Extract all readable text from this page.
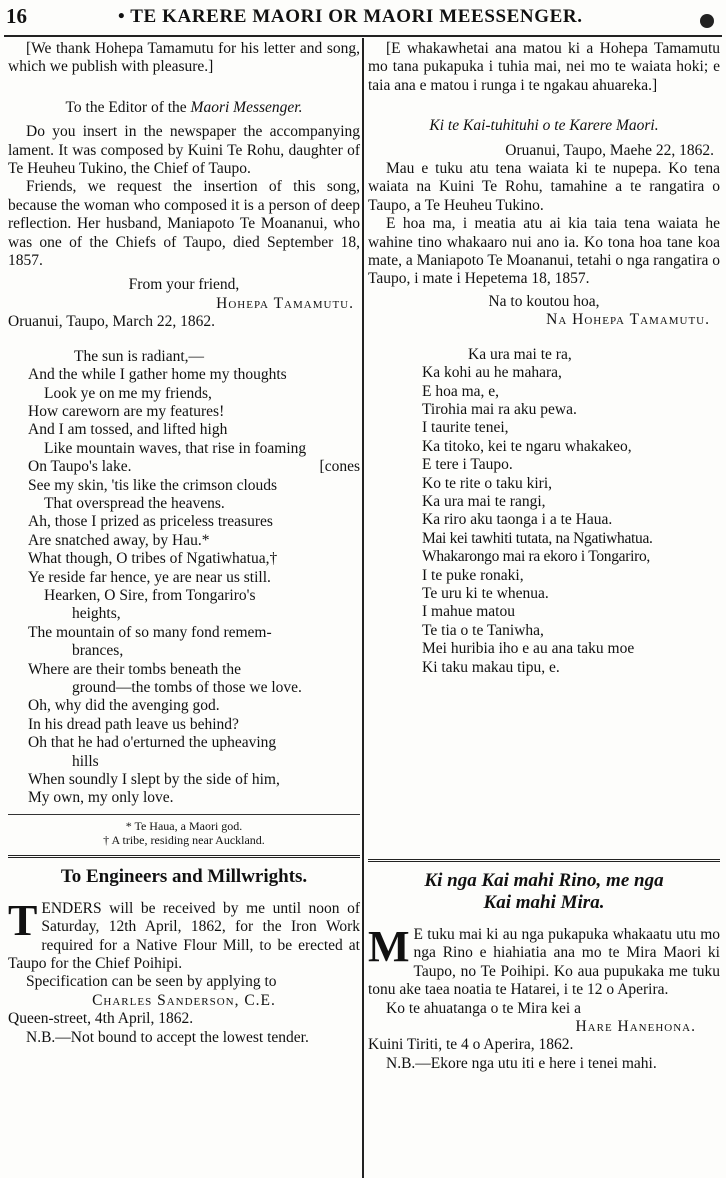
16	• TE KARERE MAORI OR MAORI MEESSENGER.

[We thank Hohepa Tamamutu for his letter and song, which we publish with pleasure.]

To the Editor of the Maori Messenger.

Do you insert in the newspaper the accompanying lament. It was composed by Kuini Te Rohu, daughter of Te Heuheu Tukino, the Chief of Taupo.

Friends, we request the insertion of this song, because the woman who composed it is a person of deep reflection. Her husband, Maniapoto Te Moananui, who was one of the Chiefs of Taupo, died September 18, 1857.

From your friend,

Hohepa Tamamutu.

Oruanui, Taupo, March 22, 1862.

The sun is radiant,—

And the while I gather home my thoughts

Look ye on me my friends,

How careworn are my features!

And I am tossed, and lifted high

Like mountain waves, that rise in foaming

On Taupo's lake.	[cones

See my skin, 'tis like the crimson clouds

That overspread the heavens.

Ah, those I prized as priceless treasures

Are snatched away, by Hau.*

What though, O tribes of Ngatiwhatua,†

Ye reside far hence, ye are near us still.

Hearken, O Sire, from Tongariro's

heights,

The mountain of so many fond remem-

brances,

Where are their tombs beneath the

ground—the tombs of those we love.

Oh, why did the avenging god.

In his dread path leave us behind?

Oh that he had o'erturned the upheaving

hills

When soundly I slept by the side of him,

My own, my only love.

* Te Haua, a Maori god.

† A tribe, residing near Auckland.

To Engineers and Millwrights.

T ENDERS will be received by me until noon of Saturday, 12th April, 1862, for the Iron Work required for a Native Flour Mill, to be erected at Taupo for the Chief Poihipi.

Specification can be seen by applying to

Charles Sanderson, C.E.

Queen-street, 4th April, 1862.

N.B.—Not bound to accept the lowest tender.

[E whakawhetai ana matou ki a Hohepa Tamamutu mo tana pukapuka i tuhia mai, nei mo te waiata hoki; e taia ana e matou i runga i te ngakau ahuareka.]

Ki te Kai-tuhituhi o te Karere Maori.

Oruanui, Taupo, Maehe 22, 1862.

Mau e tuku atu tena waiata ki te nupepa. Ko tena waiata na Kuini Te Rohu, tamahine a te rangatira o Taupo, a Te Heuheu Tukino.

E hoa ma, i meatia atu ai kia taia tena waiata he wahine tino whakaaro nui ano ia. Ko tona hoa tane koa mate, a Maniapoto Te Moananui, tetahi o nga rangatira o Taupo, i mate i Hepetema 18, 1857.

Na to koutou hoa,

Na Hohepa Tamamutu.

Ka ura mai te ra,

Ka kohi au he mahara,

E hoa ma, e,

Tirohia mai ra aku pewa.

I taurite tenei,

Ka titoko, kei te ngaru whakakeo,

E tere i Taupo.

Ko te rite o taku kiri,

Ka ura mai te rangi,

Ka riro aku taonga i a te Haua.

Mai kei tawhiti tutata, na Ngatiwhatua.

Whakarongo mai ra ekoro i Tongariro,

I te puke ronaki,

Te uru ki te whenua.

I mahue matou

Te tia o te Taniwha,

Mei huribia iho e au ana taku moe

Ki taku makau tipu, e.

Ki nga Kai mahi Rino, me nga

Kai mahi Mira.

M E tuku mai ki au nga pukapuka whakaatu utu mo nga Rino e hiahiatia ana mo te Mira Maori ki Taupo, no Te Poihipi. Ko aua pupukaka me tuku tonu ake taea noatia te Hatarei, i te 12 o Aperira.

Ko te ahuatanga o te Mira kei a

Hare Hanehona.

Kuini Tiriti, te 4 o Aperira, 1862.

N.B.—Ekore nga utu iti e here i tenei mahi.
